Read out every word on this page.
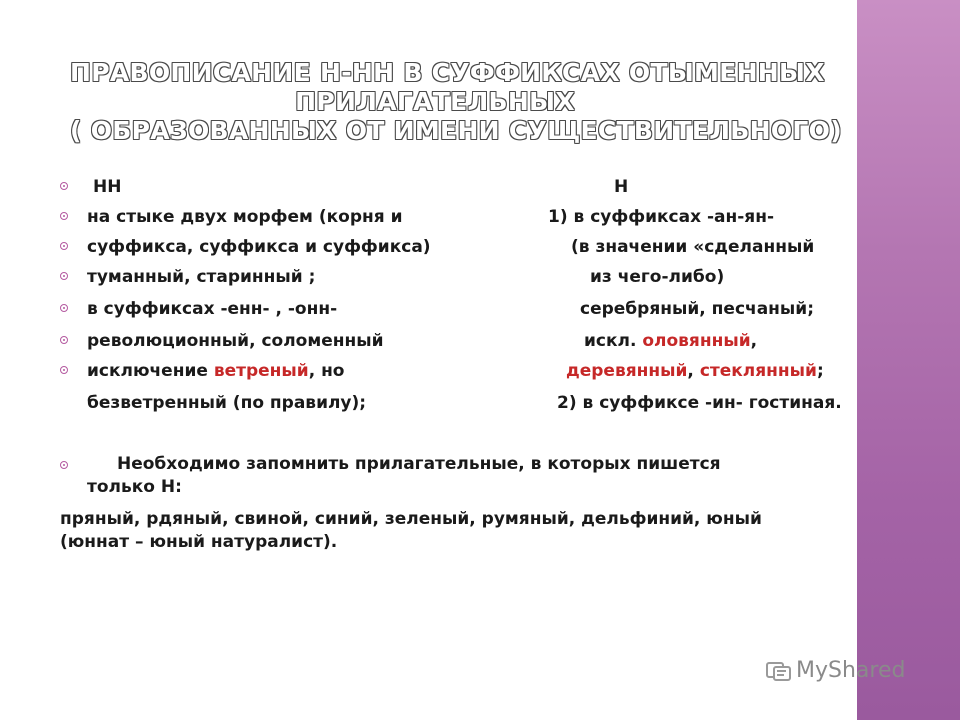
ПРАВОПИСАНИЕ Н-НН В СУФФИКСАХ ОТЫМЕННЫХ
ПРИЛАГАТЕЛЬНЫХ
( ОБРАЗОВАННЫХ ОТ ИМЕНИ СУЩЕСТВИТЕЛЬНОГО)
НН
на стыке двух морфем (корня и
суффикса, суффикса и суффикса)
туманный, старинный ;
в суффиксах -енн- , -онн-
революционный, соломенный
исключение ветреный, но
безветренный (по правилу);
Н
1) в суффиксах -ан-ян-
(в значении «сделанный
из чего-либо)
серебряный, песчаный;
искл. оловянный,
деревянный, стеклянный;
2) в суффиксе -ин- гостиная.
Необходимо запомнить прилагательные, в которых пишется
только Н:
пряный, рдяный, свиной, синий, зеленый, румяный, дельфиний, юный
(юннат – юный натуралист).
MyShared
